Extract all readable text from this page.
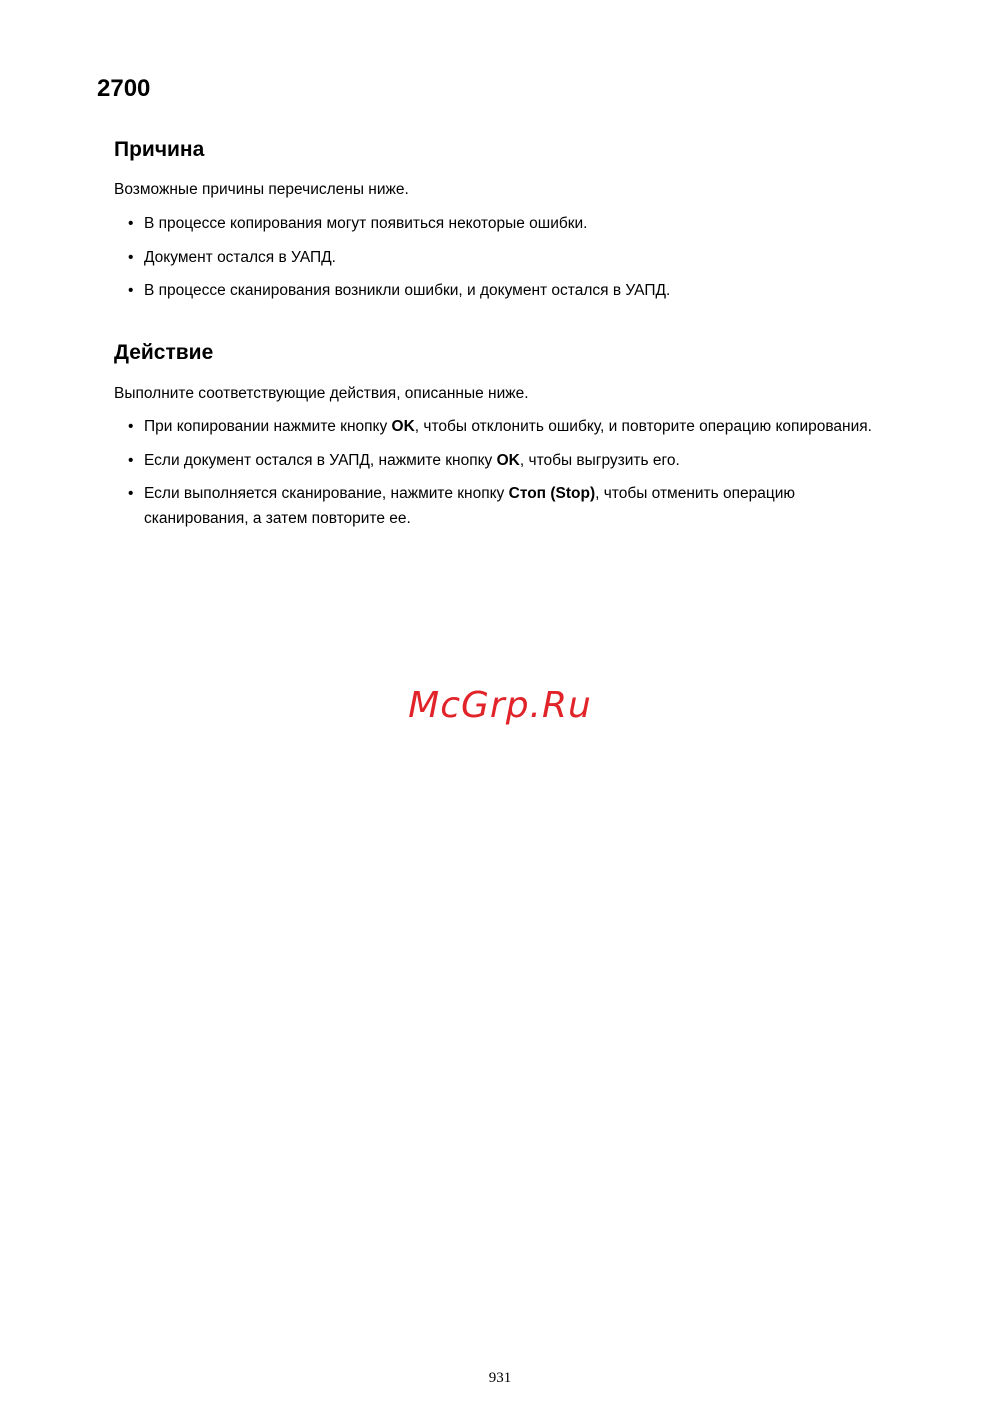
2700
Причина

Возможные причины перечислены ниже.

• В процессе копирования могут появиться некоторые ошибки.
• Документ остался в УАПД.
• В процессе сканирования возникли ошибки, и документ остался в УАПД.
Действие

Выполните соответствующие действия, описанные ниже.

• При копировании нажмите кнопку OK, чтобы отклонить ошибку, и повторите операцию копирования.
• Если документ остался в УАПД, нажмите кнопку OK, чтобы выгрузить его.
• Если выполняется сканирование, нажмите кнопку Стоп (Stop), чтобы отменить операцию сканирования, а затем повторите ее.
McGrp.Ru
931
